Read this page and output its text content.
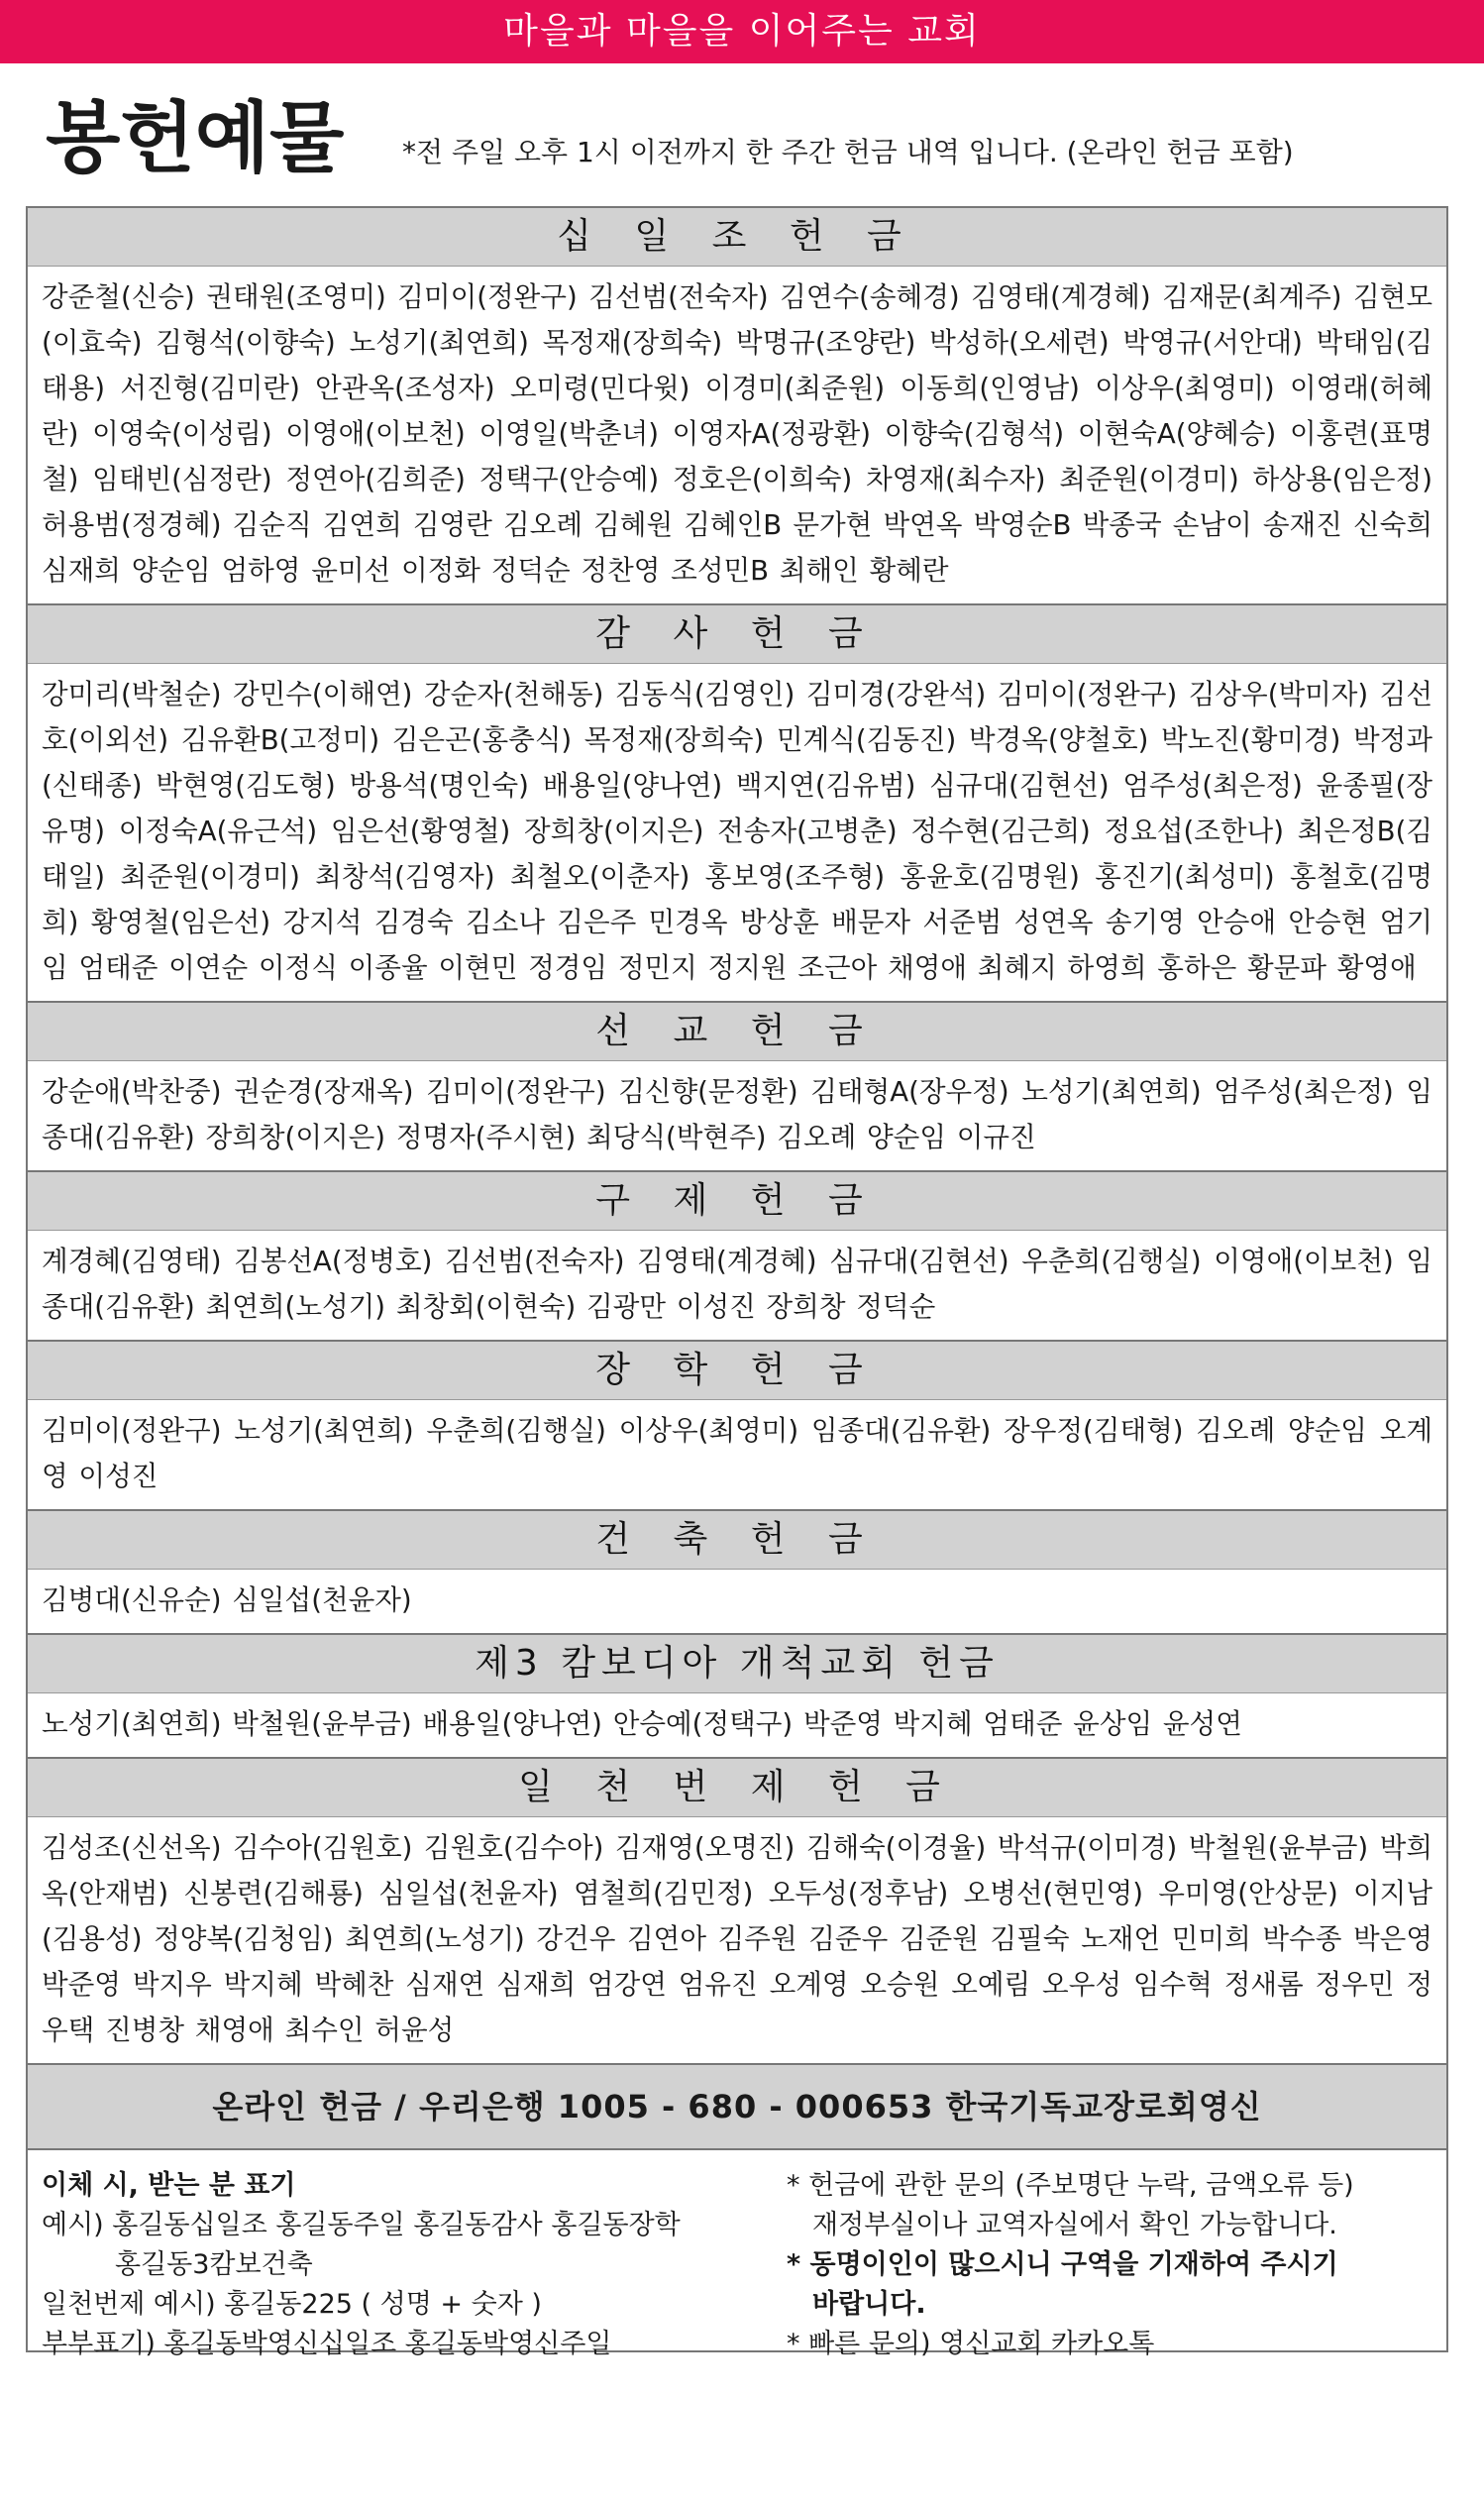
마을과 마을을 이어주는 교회
봉헌예물 *전 주일 오후 1시 이전까지 한 주간 헌금 내역 입니다. (온라인 헌금 포함)
십 일 조 헌 금
강준철(신승) 권태원(조영미) 김미이(정완구) 김선범(전숙자) 김연수(송혜경) 김영태(계경혜) 김재문(최계주) 김현모(이효숙) 김형석(이향숙) 노성기(최연희) 목정재(장희숙) 박명규(조양란) 박성하(오세련) 박영규(서안대) 박태임(김태용) 서진형(김미란) 안관옥(조성자) 오미령(민다윗) 이경미(최준원) 이동희(인영남) 이상우(최영미) 이영래(허혜란) 이영숙(이성림) 이영애(이보천) 이영일(박춘녀) 이영자A(정광환) 이향숙(김형석) 이현숙A(양혜승) 이홍련(표명철) 임태빈(심정란) 정연아(김희준) 정택구(안승예) 정호은(이희숙) 차영재(최수자) 최준원(이경미) 하상용(임은정) 허용범(정경혜) 김순직 김연희 김영란 김오례 김혜원 김혜인B 문가현 박연옥 박영순B 박종국 손남이 송재진 신숙희 심재희 양순임 엄하영 윤미선 이정화 정덕순 정찬영 조성민B 최해인 황혜란
감 사 헌 금
강미리(박철순) 강민수(이해연) 강순자(천해동) 김동식(김영인) 김미경(강완석) 김미이(정완구) 김상우(박미자) 김선호(이외선) 김유환B(고정미) 김은곤(홍충식) 목정재(장희숙) 민계식(김동진) 박경옥(양철호) 박노진(황미경) 박정과(신태종) 박현영(김도형) 방용석(명인숙) 배용일(양나연) 백지연(김유범) 심규대(김현선) 엄주성(최은정) 윤종필(장유명) 이정숙A(유근석) 임은선(황영철) 장희창(이지은) 전송자(고병춘) 정수현(김근희) 정요섭(조한나) 최은정B(김태일) 최준원(이경미) 최창석(김영자) 최철오(이춘자) 홍보영(조주형) 홍윤호(김명원) 홍진기(최성미) 홍철호(김명희) 황영철(임은선) 강지석 김경숙 김소나 김은주 민경옥 방상훈 배문자 서준범 성연옥 송기영 안승애 안승현 엄기임 엄태준 이연순 이정식 이종율 이현민 정경임 정민지 정지원 조근아 채영애 최혜지 하영희 홍하은 황문파 황영애
선 교 헌 금
강순애(박찬중) 권순경(장재옥) 김미이(정완구) 김신향(문정환) 김태형A(장우정) 노성기(최연희) 엄주성(최은정) 임종대(김유환) 장희창(이지은) 정명자(주시현) 최당식(박현주) 김오례 양순임 이규진
구 제 헌 금
계경혜(김영태) 김봉선A(정병호) 김선범(전숙자) 김영태(계경혜) 심규대(김현선) 우춘희(김행실) 이영애(이보천) 임종대(김유환) 최연희(노성기) 최창회(이현숙) 김광만 이성진 장희창 정덕순
장 학 헌 금
김미이(정완구) 노성기(최연희) 우춘희(김행실) 이상우(최영미) 임종대(김유환) 장우정(김태형) 김오례 양순임 오계영 이성진
건 축 헌 금
김병대(신유순) 심일섭(천윤자)
제3 캄보디아 개척교회 헌금
노성기(최연희) 박철원(윤부금) 배용일(양나연) 안승예(정택구) 박준영 박지혜 엄태준 윤상임 윤성연
일 천 번 제 헌 금
김성조(신선옥) 김수아(김원호) 김원호(김수아) 김재영(오명진) 김해숙(이경율) 박석규(이미경) 박철원(윤부금) 박희옥(안재범) 신봉련(김해룡) 심일섭(천윤자) 염철희(김민정) 오두성(정후남) 오병선(현민영) 우미영(안상문) 이지남(김용성) 정양복(김청임) 최연희(노성기) 강건우 김연아 김주원 김준우 김준원 김필숙 노재언 민미희 박수종 박은영 박준영 박지우 박지혜 박혜찬 심재연 심재희 엄강연 엄유진 오계영 오승원 오예림 오우성 임수혁 정새롬 정우민 정우택 진병창 채영애 최수인 허윤성
온라인 헌금 / 우리은행 1005 - 680 - 000653 한국기독교장로회영신
이체 시, 받는 분 표기
예시) 홍길동십일조 홍길동주일 홍길동감사 홍길동장학
홍길동3캄보건축
일천번제 예시) 홍길동225 ( 성명 + 숫자 )
부부표기) 홍길동박영신십일조 홍길동박영신주일
* 헌금에 관한 문의 (주보명단 누락, 금액오류 등)
재정부실이나 교역자실에서 확인 가능합니다.
* 동명이인이 많으시니 구역을 기재하여 주시기
바랍니다.
* 빠른 문의) 영신교회 카카오톡
